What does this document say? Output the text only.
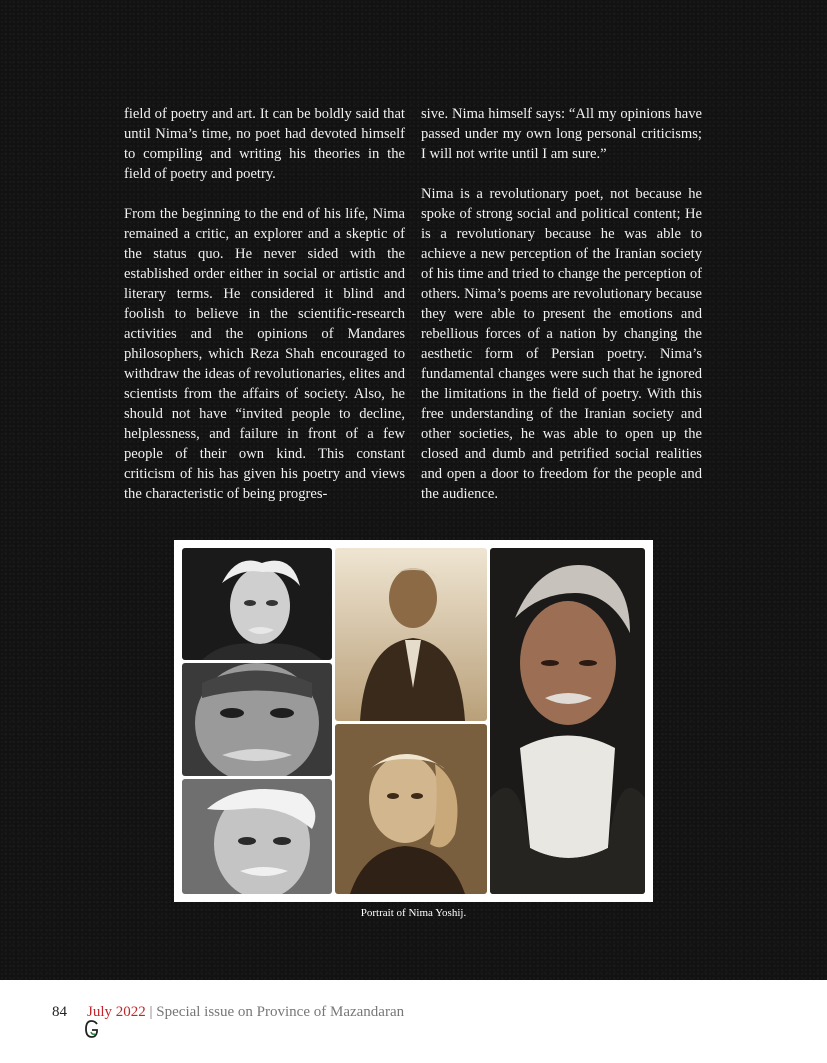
field of poetry and art. It can be boldly said that until Nima’s time, no poet had devoted himself to compiling and writing his theories in the field of poetry and poetry.

From the beginning to the end of his life, Nima remained a critic, an explorer and a skeptic of the status quo. He never sided with the established order either in social or artistic and literary terms. He considered it blind and foolish to believe in the scientific-research activities and the opinions of Mandares philosophers, which Reza Shah encouraged to withdraw the ideas of revolutionaries, elites and scientists from the affairs of society. Also, he should not have “invited people to decline, helplessness, and failure in front of a few people of their own kind. This constant criticism of his has given his poetry and views the characteristic of being progres-

sive. Nima himself says: “All my opinions have passed under my own long personal criticisms; I will not write until I am sure.”

Nima is a revolutionary poet, not because he spoke of strong social and political content; He is a revolutionary because he was able to achieve a new perception of the Iranian society of his time and tried to change the perception of others. Nima’s poems are revolutionary because they were able to present the emotions and rebellious forces of a nation by changing the aesthetic form of Persian poetry. Nima’s fundamental changes were such that he ignored the limitations in the field of poetry. With this free understanding of the Iranian society and other societies, he was able to open up the closed and dumb and petrified social realities and open a door to freedom for the people and the audience.

Portrait of Nima Yoshij.
84

July 2022 | Special issue on Province of Mazandaran
